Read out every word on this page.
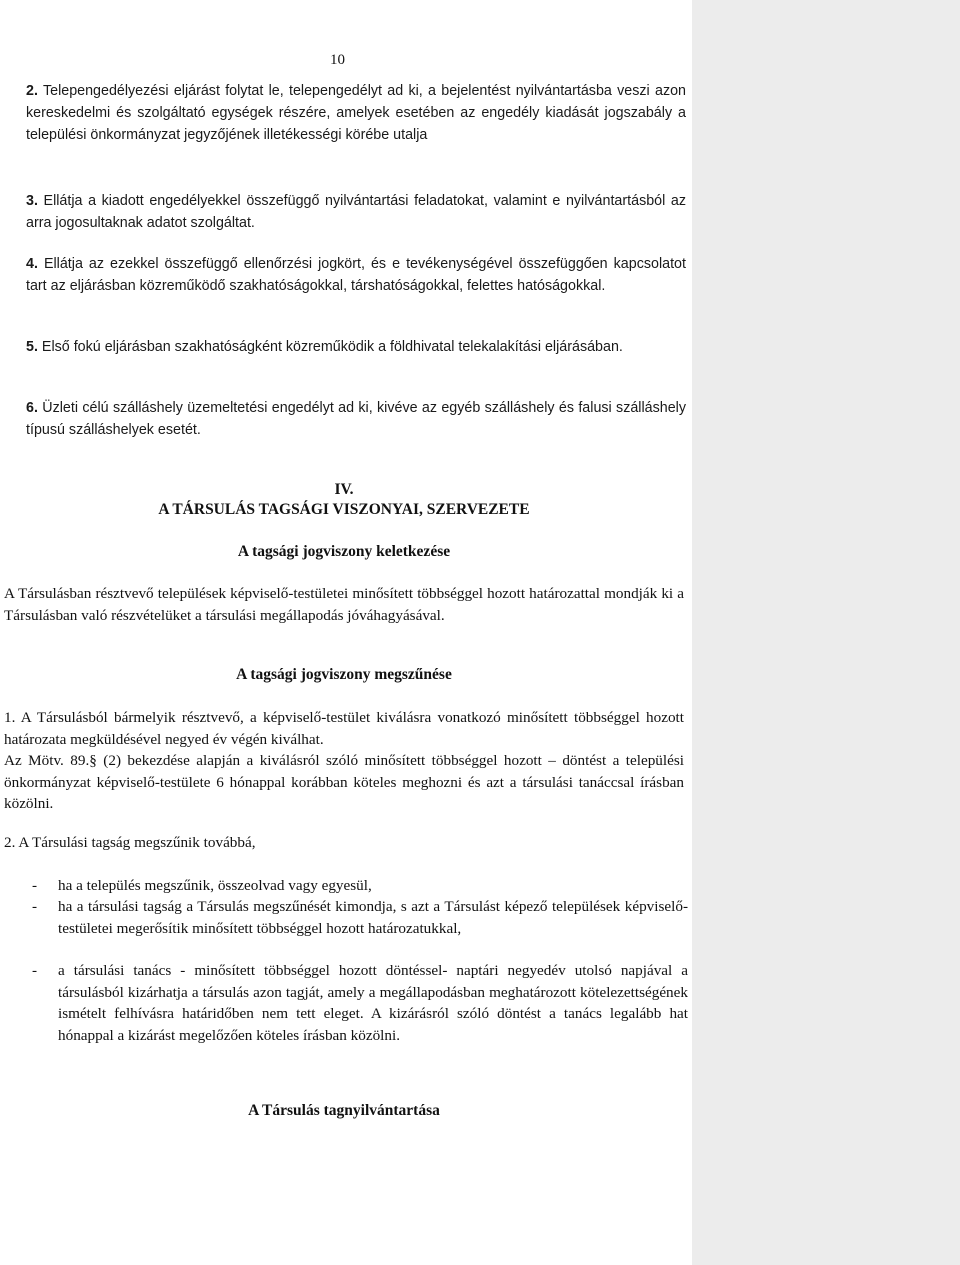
10
2. Telepengedélyezési eljárást folytat le, telepengedélyt ad ki, a bejelentést nyilvántartásba veszi azon kereskedelmi és szolgáltató egységek részére, amelyek esetében az engedély kiadását jogszabály a települési önkormányzat jegyzőjének illetékességi körébe utalja
3. Ellátja a kiadott engedélyekkel összefüggő nyilvántartási feladatokat, valamint e nyilvántartásból az arra jogosultaknak adatot szolgáltat.
4. Ellátja az ezekkel összefüggő ellenőrzési jogkört, és e tevékenységével összefüggően kapcsolatot tart az eljárásban közreműködő szakhatóságokkal, társhatóságokkal, felettes hatóságokkal.
5. Első fokú eljárásban szakhatóságként közreműködik a földhivatal telekalakítási eljárásában.
6. Üzleti célú szálláshely üzemeltetési engedélyt ad ki, kivéve az egyéb szálláshely és falusi szálláshely típusú szálláshelyek esetét.
IV.
A TÁRSULÁS TAGSÁGI VISZONYAI, SZERVEZETE
A tagsági jogviszony keletkezése
A Társulásban résztvevő települések képviselő-testületei minősített többséggel hozott határozattal mondják ki a Társulásban való részvételüket a társulási megállapodás jóváhagyásával.
A tagsági jogviszony megszűnése
1. A Társulásból bármelyik résztvevő, a képviselő-testület kiválásra vonatkozó minősített többséggel hozott határozata megküldésével negyed év végén kiválhat.
Az Mötv. 89.§ (2) bekezdése alapján a kiválásról szóló minősített többséggel hozott – döntést a települési önkormányzat képviselő-testülete 6 hónappal korábban köteles meghozni és azt a társulási tanáccsal írásban közölni.
2. A Társulási tagság megszűnik továbbá,
- ha a település megszűnik, összeolvad vagy egyesül,
- ha a társulási tagság a Társulás megszűnését kimondja, s azt a Társulást képező települések képviselő-testületei megerősítik minősített többséggel hozott határozatukkal,
- a társulási tanács - minősített többséggel hozott döntéssel- naptári negyedév utolsó napjával a társulásból kizárhatja a társulás azon tagját, amely a megállapodásban meghatározott kötelezettségének ismételt felhívásra határidőben nem tett eleget. A kizárásról szóló döntést a tanács legalább hat hónappal a kizárást megelőzően köteles írásban közölni.
A Társulás tagnyilvántartása
